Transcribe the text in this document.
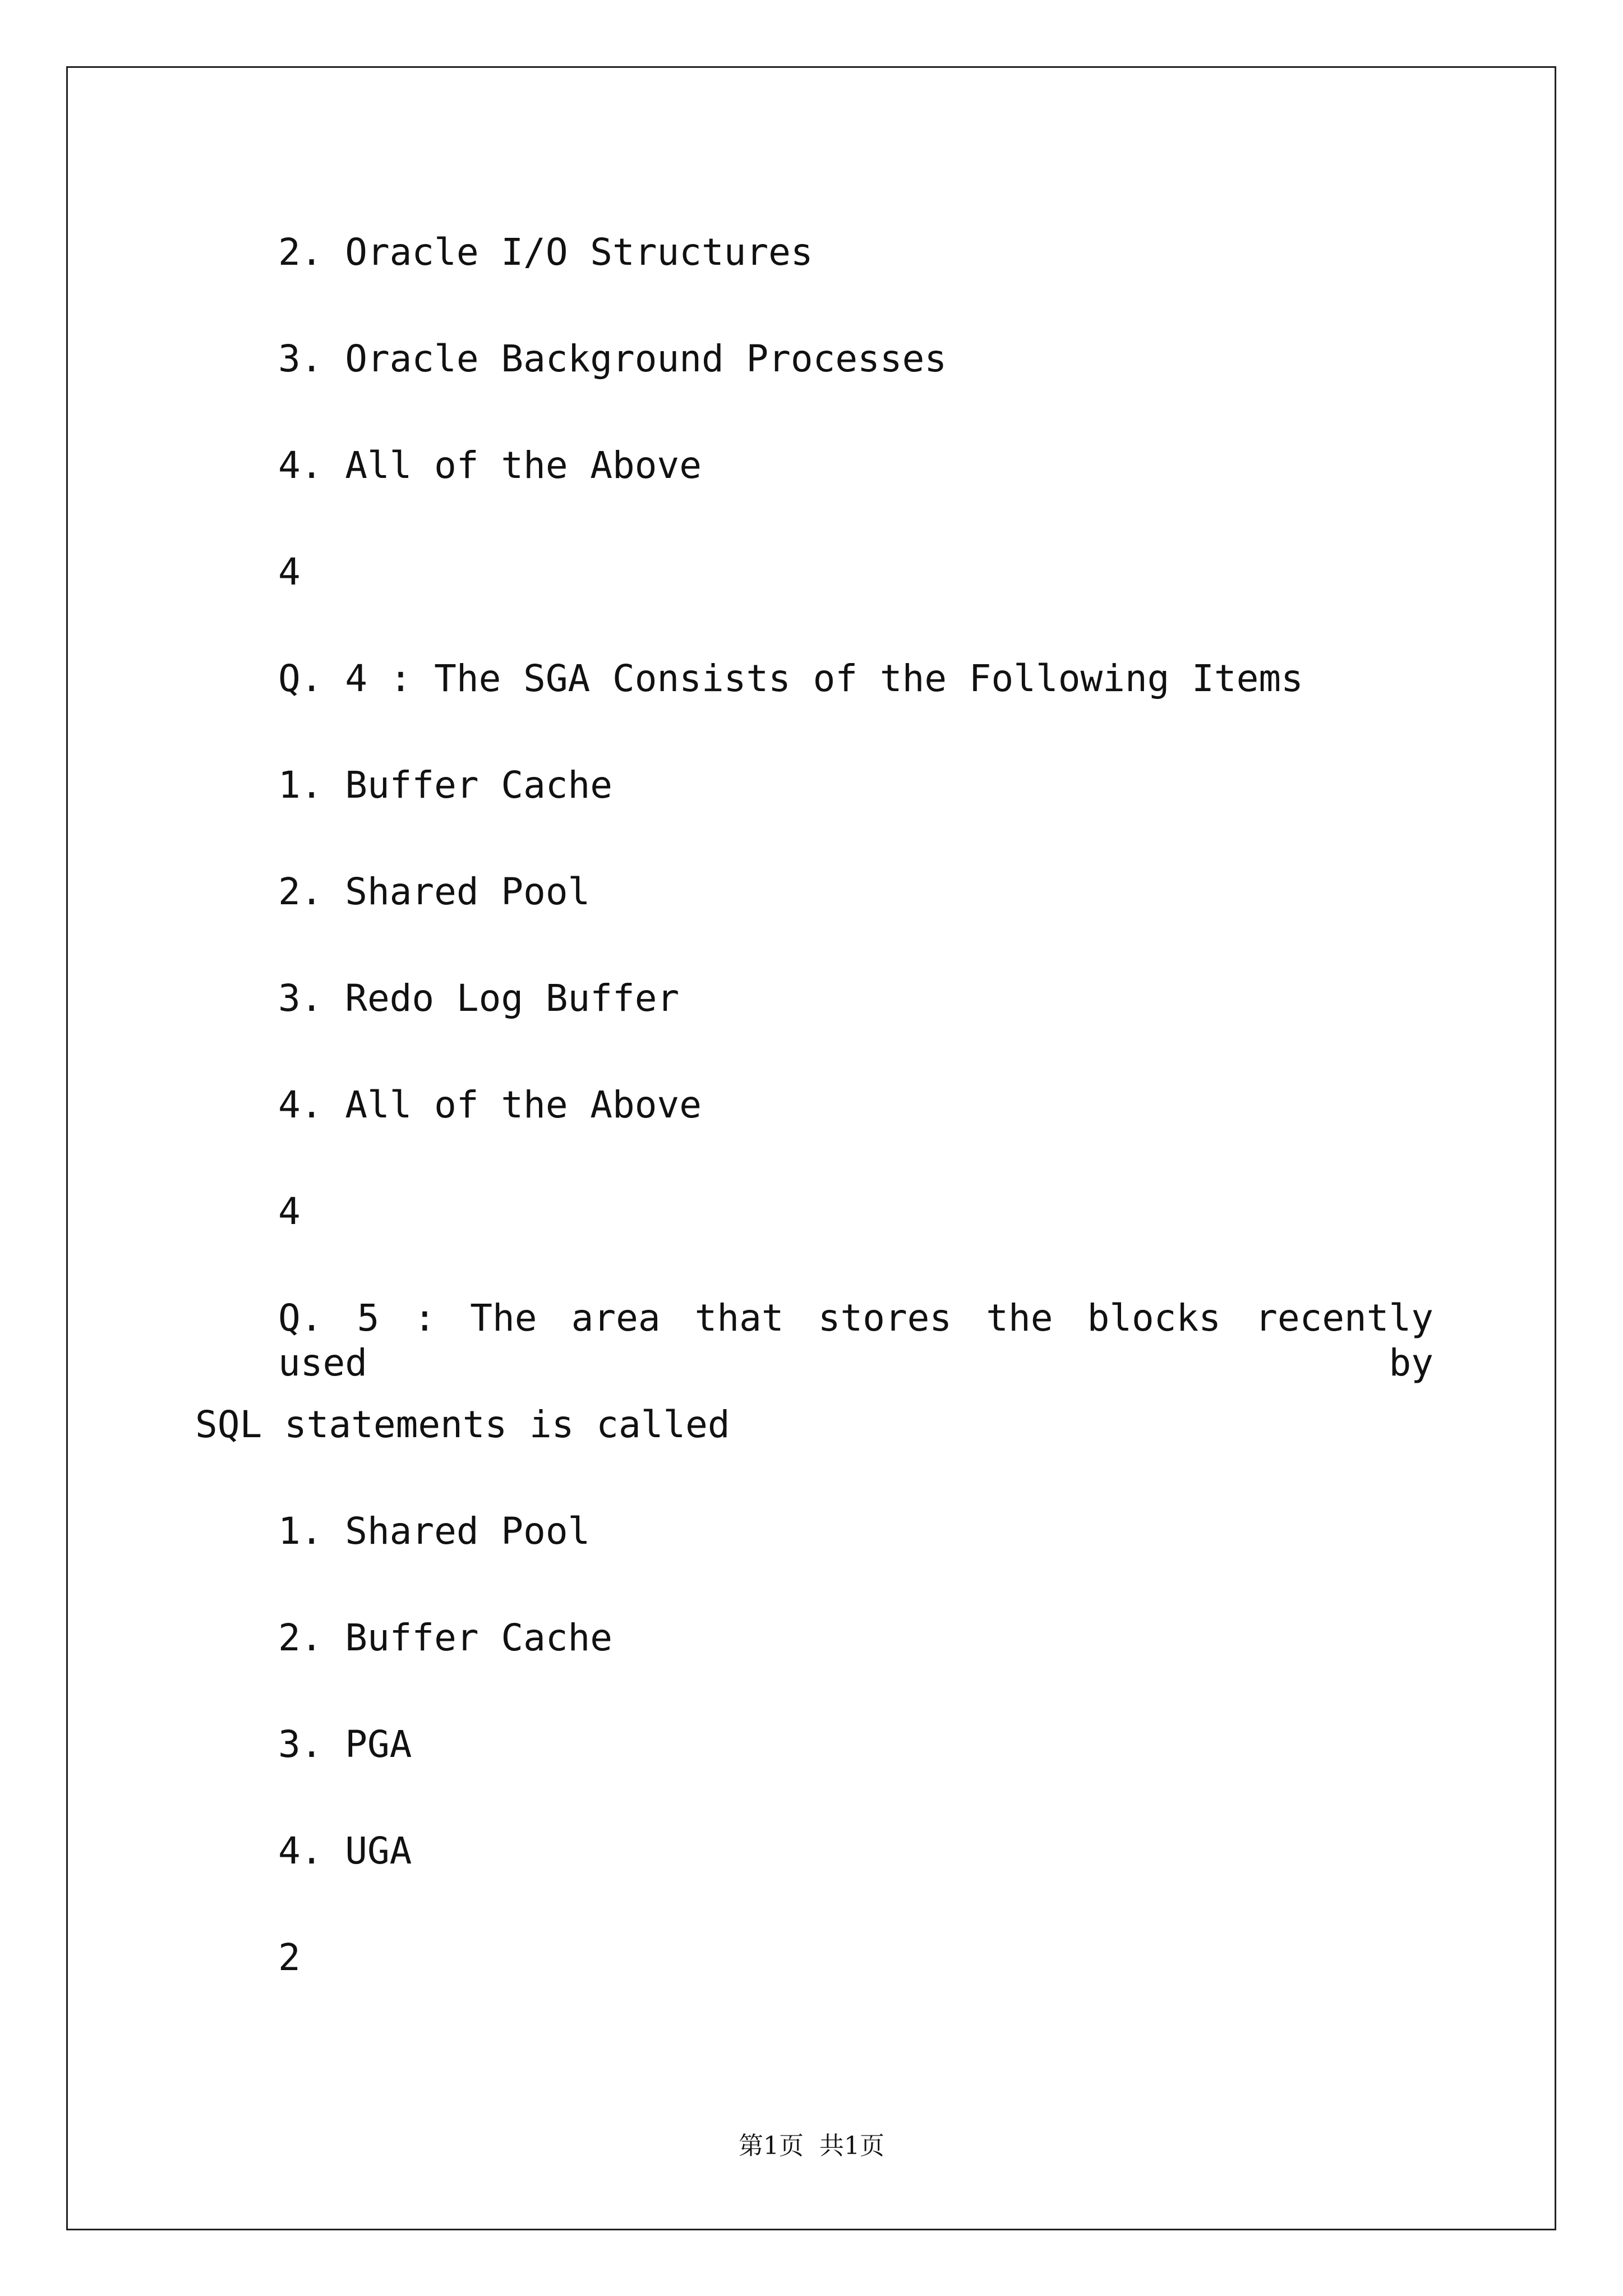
2. Oracle I/O Structures
3. Oracle Background Processes
4. All of the Above
4
Q. 4 : The SGA Consists of the Following Items
1. Buffer Cache
2. Shared Pool
3. Redo Log Buffer
4. All of the Above
4
Q. 5 : The area that stores the blocks recently used by
SQL statements is called
1. Shared Pool
2. Buffer Cache
3. PGA
4. UGA
2
第1页  共1页
